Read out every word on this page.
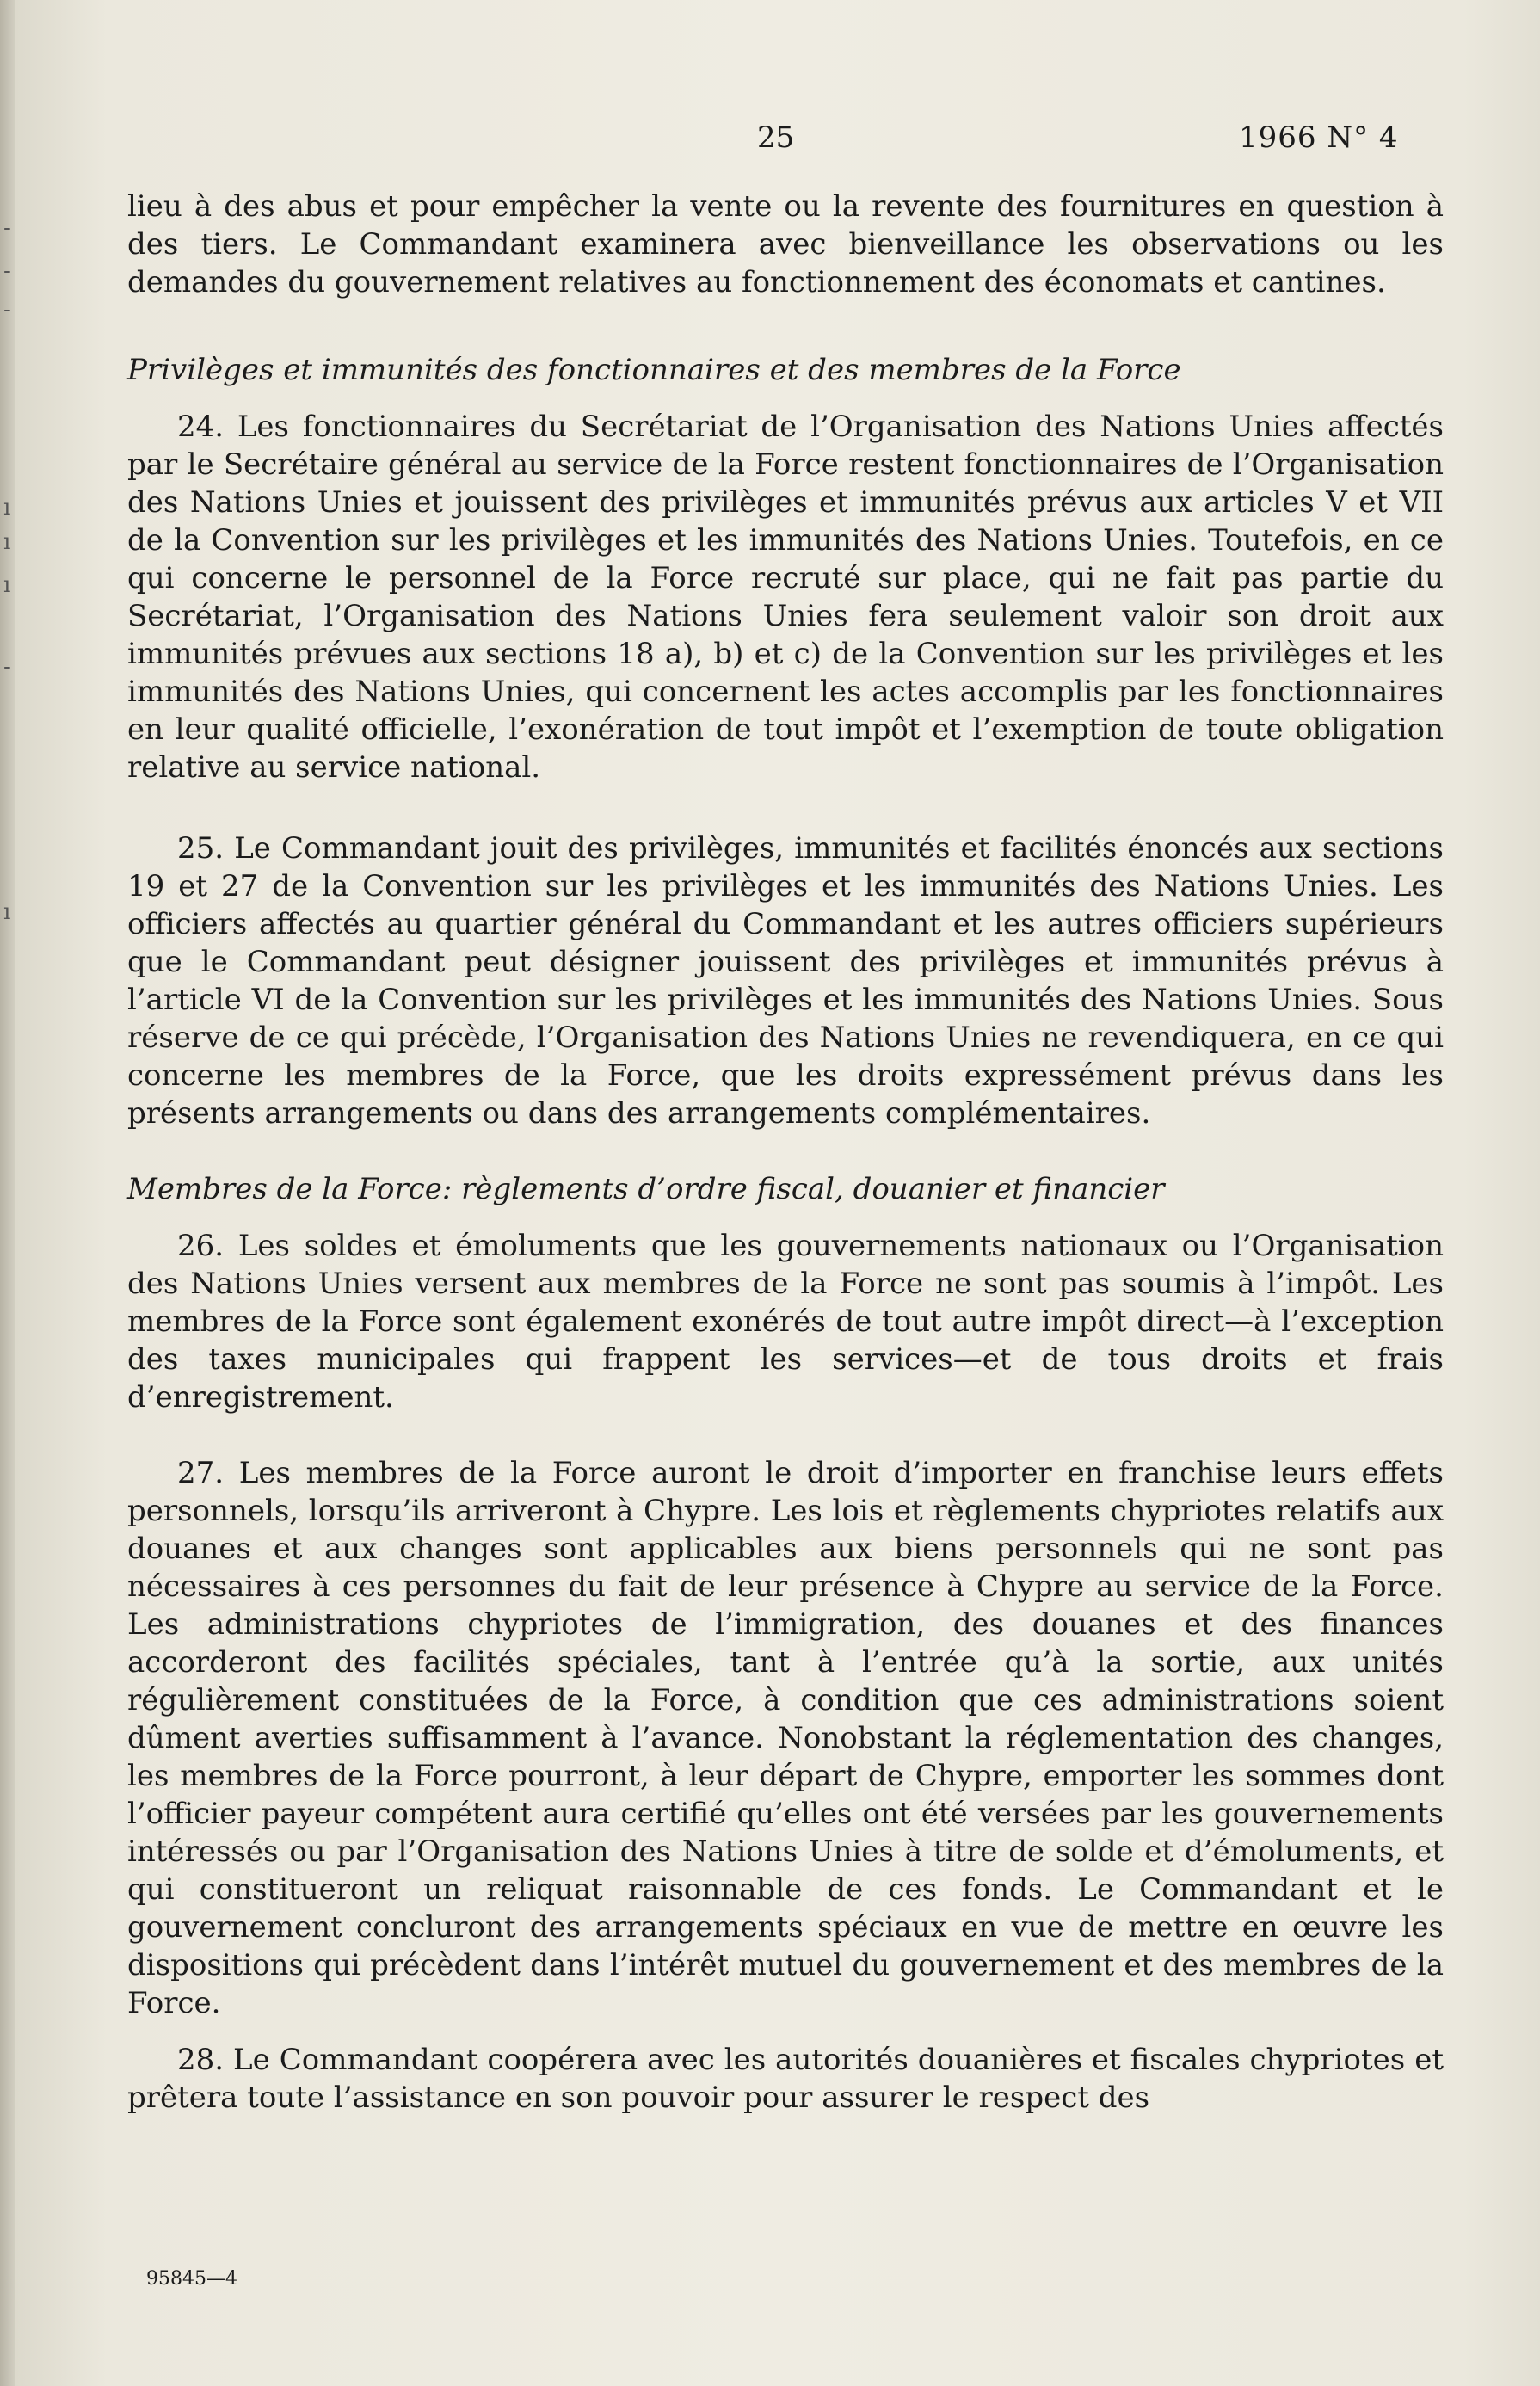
-
-
-
ı
ı
ı
-
ı
25	1966 N° 4

lieu à des abus et pour empêcher la vente ou la revente des fournitures en question à des tiers. Le Commandant examinera avec bienveillance les observations ou les demandes du gouvernement relatives au fonctionnement des économats et cantines.

Privilèges et immunités des fonctionnaires et des membres de la Force

24. Les fonctionnaires du Secrétariat de l’Organisation des Nations Unies affectés par le Secrétaire général au service de la Force restent fonctionnaires de l’Organisation des Nations Unies et jouissent des privilèges et immunités prévus aux articles V et VII de la Convention sur les privilèges et les immunités des Nations Unies. Toutefois, en ce qui concerne le personnel de la Force recruté sur place, qui ne fait pas partie du Secrétariat, l’Organisation des Nations Unies fera seulement valoir son droit aux immunités prévues aux sections 18 a), b) et c) de la Convention sur les privilèges et les immunités des Nations Unies, qui concernent les actes accomplis par les fonctionnaires en leur qualité officielle, l’exonération de tout impôt et l’exemption de toute obligation relative au service national.

25. Le Commandant jouit des privilèges, immunités et facilités énoncés aux sections 19 et 27 de la Convention sur les privilèges et les immunités des Nations Unies. Les officiers affectés au quartier général du Commandant et les autres officiers supérieurs que le Commandant peut désigner jouissent des privilèges et immunités prévus à l’article VI de la Convention sur les privilèges et les immunités des Nations Unies. Sous réserve de ce qui précède, l’Organisation des Nations Unies ne revendiquera, en ce qui concerne les membres de la Force, que les droits expressément prévus dans les présents arrangements ou dans des arrangements complémentaires.

Membres de la Force: règlements d’ordre fiscal, douanier et financier

26. Les soldes et émoluments que les gouvernements nationaux ou l’Organisation des Nations Unies versent aux membres de la Force ne sont pas soumis à l’impôt. Les membres de la Force sont également exonérés de tout autre impôt direct—à l’exception des taxes municipales qui frappent les services—et de tous droits et frais d’enregistrement.

27. Les membres de la Force auront le droit d’importer en franchise leurs effets personnels, lorsqu’ils arriveront à Chypre. Les lois et règlements chypriotes relatifs aux douanes et aux changes sont applicables aux biens personnels qui ne sont pas nécessaires à ces personnes du fait de leur présence à Chypre au service de la Force. Les administrations chypriotes de l’immigration, des douanes et des finances accorderont des facilités spéciales, tant à l’entrée qu’à la sortie, aux unités régulièrement constituées de la Force, à condition que ces administrations soient dûment averties suffisamment à l’avance. Nonobstant la réglementation des changes, les membres de la Force pourront, à leur départ de Chypre, emporter les sommes dont l’officier payeur compétent aura certifié qu’elles ont été versées par les gouvernements intéressés ou par l’Organisation des Nations Unies à titre de solde et d’émoluments, et qui constitueront un reliquat raisonnable de ces fonds. Le Commandant et le gouvernement concluront des arrangements spéciaux en vue de mettre en œuvre les dispositions qui précèdent dans l’intérêt mutuel du gouvernement et des membres de la Force.

28. Le Commandant coopérera avec les autorités douanières et fiscales chypriotes et prêtera toute l’assistance en son pouvoir pour assurer le respect des

95845—4
